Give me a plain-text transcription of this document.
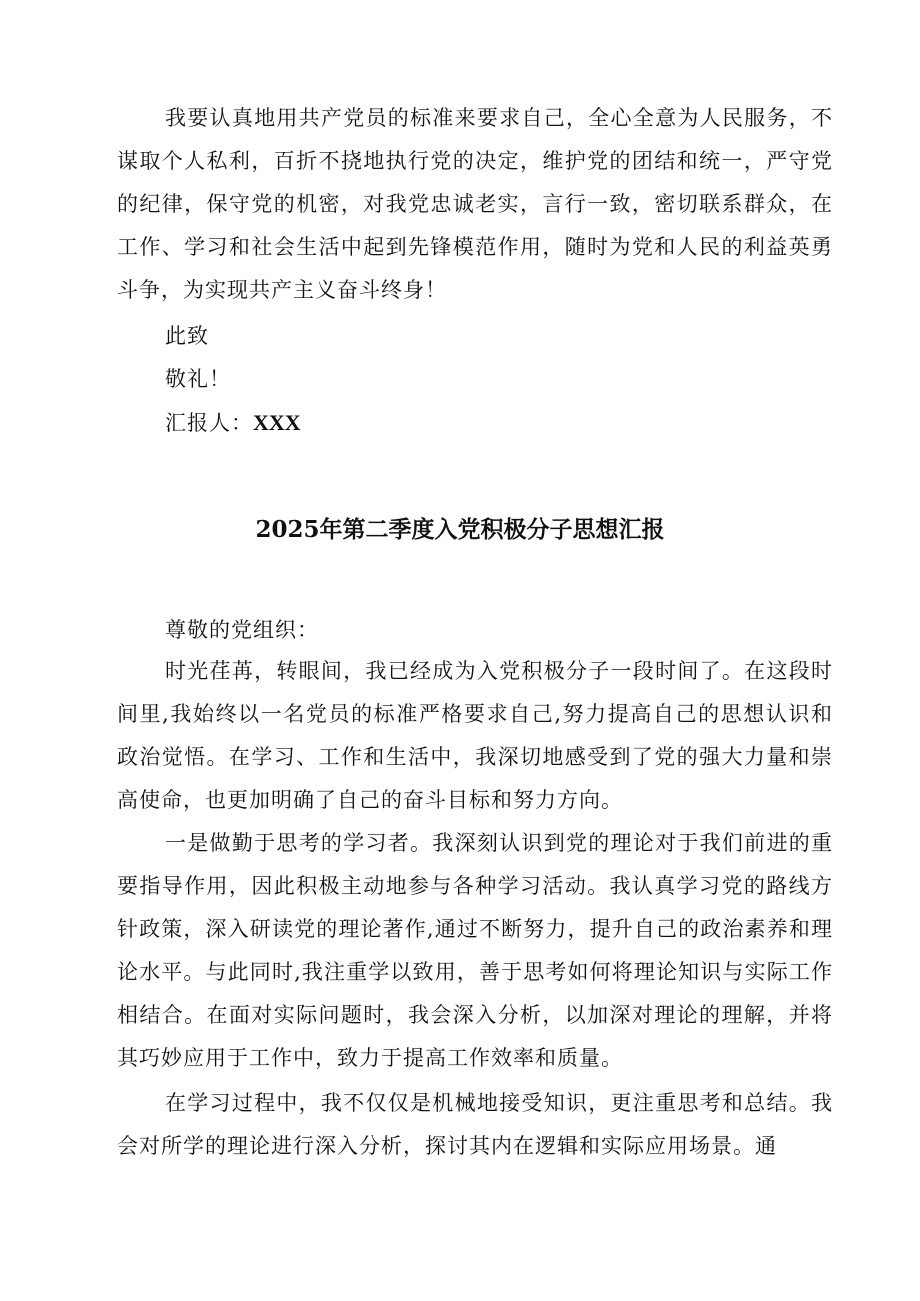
我要认真地用共产党员的标准来要求自己，全心全意为人民服务，不谋取个人私利，百折不挠地执行党的决定，维护党的团结和统一，严守党的纪律，保守党的机密，对我党忠诚老实，言行一致，密切联系群众，在工作、学习和社会生活中起到先锋模范作用，随时为党和人民的利益英勇斗争，为实现共产主义奋斗终身！

此致

敬礼！

汇报人：XXX

2025年第二季度入党积极分子思想汇报

尊敬的党组织：

时光荏苒，转眼间，我已经成为入党积极分子一段时间了。在这段时间里,我始终以一名党员的标准严格要求自己,努力提高自己的思想认识和政治觉悟。在学习、工作和生活中，我深切地感受到了党的强大力量和崇高使命，也更加明确了自己的奋斗目标和努力方向。

一是做勤于思考的学习者。我深刻认识到党的理论对于我们前进的重要指导作用，因此积极主动地参与各种学习活动。我认真学习党的路线方针政策，深入研读党的理论著作,通过不断努力，提升自己的政治素养和理论水平。与此同时,我注重学以致用，善于思考如何将理论知识与实际工作相结合。在面对实际问题时，我会深入分析，以加深对理论的理解，并将其巧妙应用于工作中，致力于提高工作效率和质量。

在学习过程中，我不仅仅是机械地接受知识，更注重思考和总结。我会对所学的理论进行深入分析，探讨其内在逻辑和实际应用场景。通
